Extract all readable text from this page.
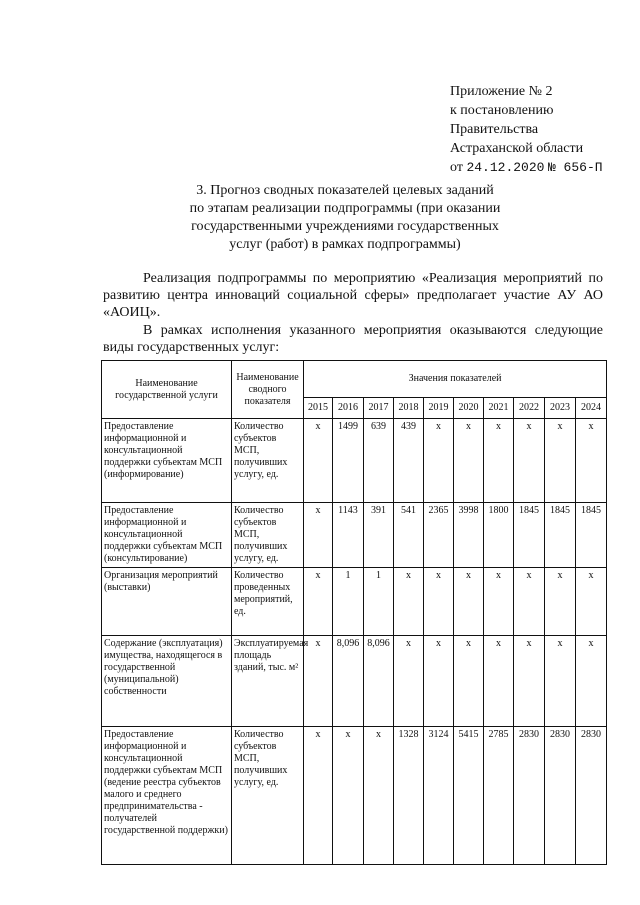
Приложение № 2
к постановлению
Правительства
Астраханской области
от 24.12.2020 № 656-П
3. Прогноз сводных показателей целевых заданий
по этапам реализации подпрограммы (при оказании
государственными учреждениями государственных
услуг (работ) в рамках подпрограммы)
Реализация подпрограммы по мероприятию «Реализация мероприятий по развитию центра инноваций социальной сферы» предполагает участие АУ АО «АОИЦ».
В рамках исполнения указанного мероприятия оказываются следующие виды государственных услуг:
Наименование государственной услуги	Наименование сводного показателя	Значения показателей									
		2015	2016	2017	2018	2019	2020	2021	2022	2023	2024
Предоставление информационной и консультационной поддержки субъектам МСП (информирование)	Количество субъектов МСП, получивших услугу, ед.	x	1499	639	439	x	x	x	x	x	x
Предоставление информационной и консультационной поддержки субъектам МСП (консультирование)	Количество субъектов МСП, получивших услугу, ед.	x	1143	391	541	2365	3998	1800	1845	1845	1845
Организация мероприятий (выставки)	Количество проведенных мероприятий, ед.	x	1	1	x	x	x	x	x	x	x
Содержание (эксплуатация) имущества, находящегося в государственной (муниципальной) собственности	Эксплуатируемая площадь зданий, тыс. м²	x	8,096	8,096	x	x	x	x	x	x	x
Предоставление информационной и консультационной поддержки субъектам МСП (ведение реестра субъектов малого и среднего предпринимательства - получателей государственной поддержки)	Количество субъектов МСП, получивших услугу, ед.	x	x	x	1328	3124	5415	2785	2830	2830	2830
